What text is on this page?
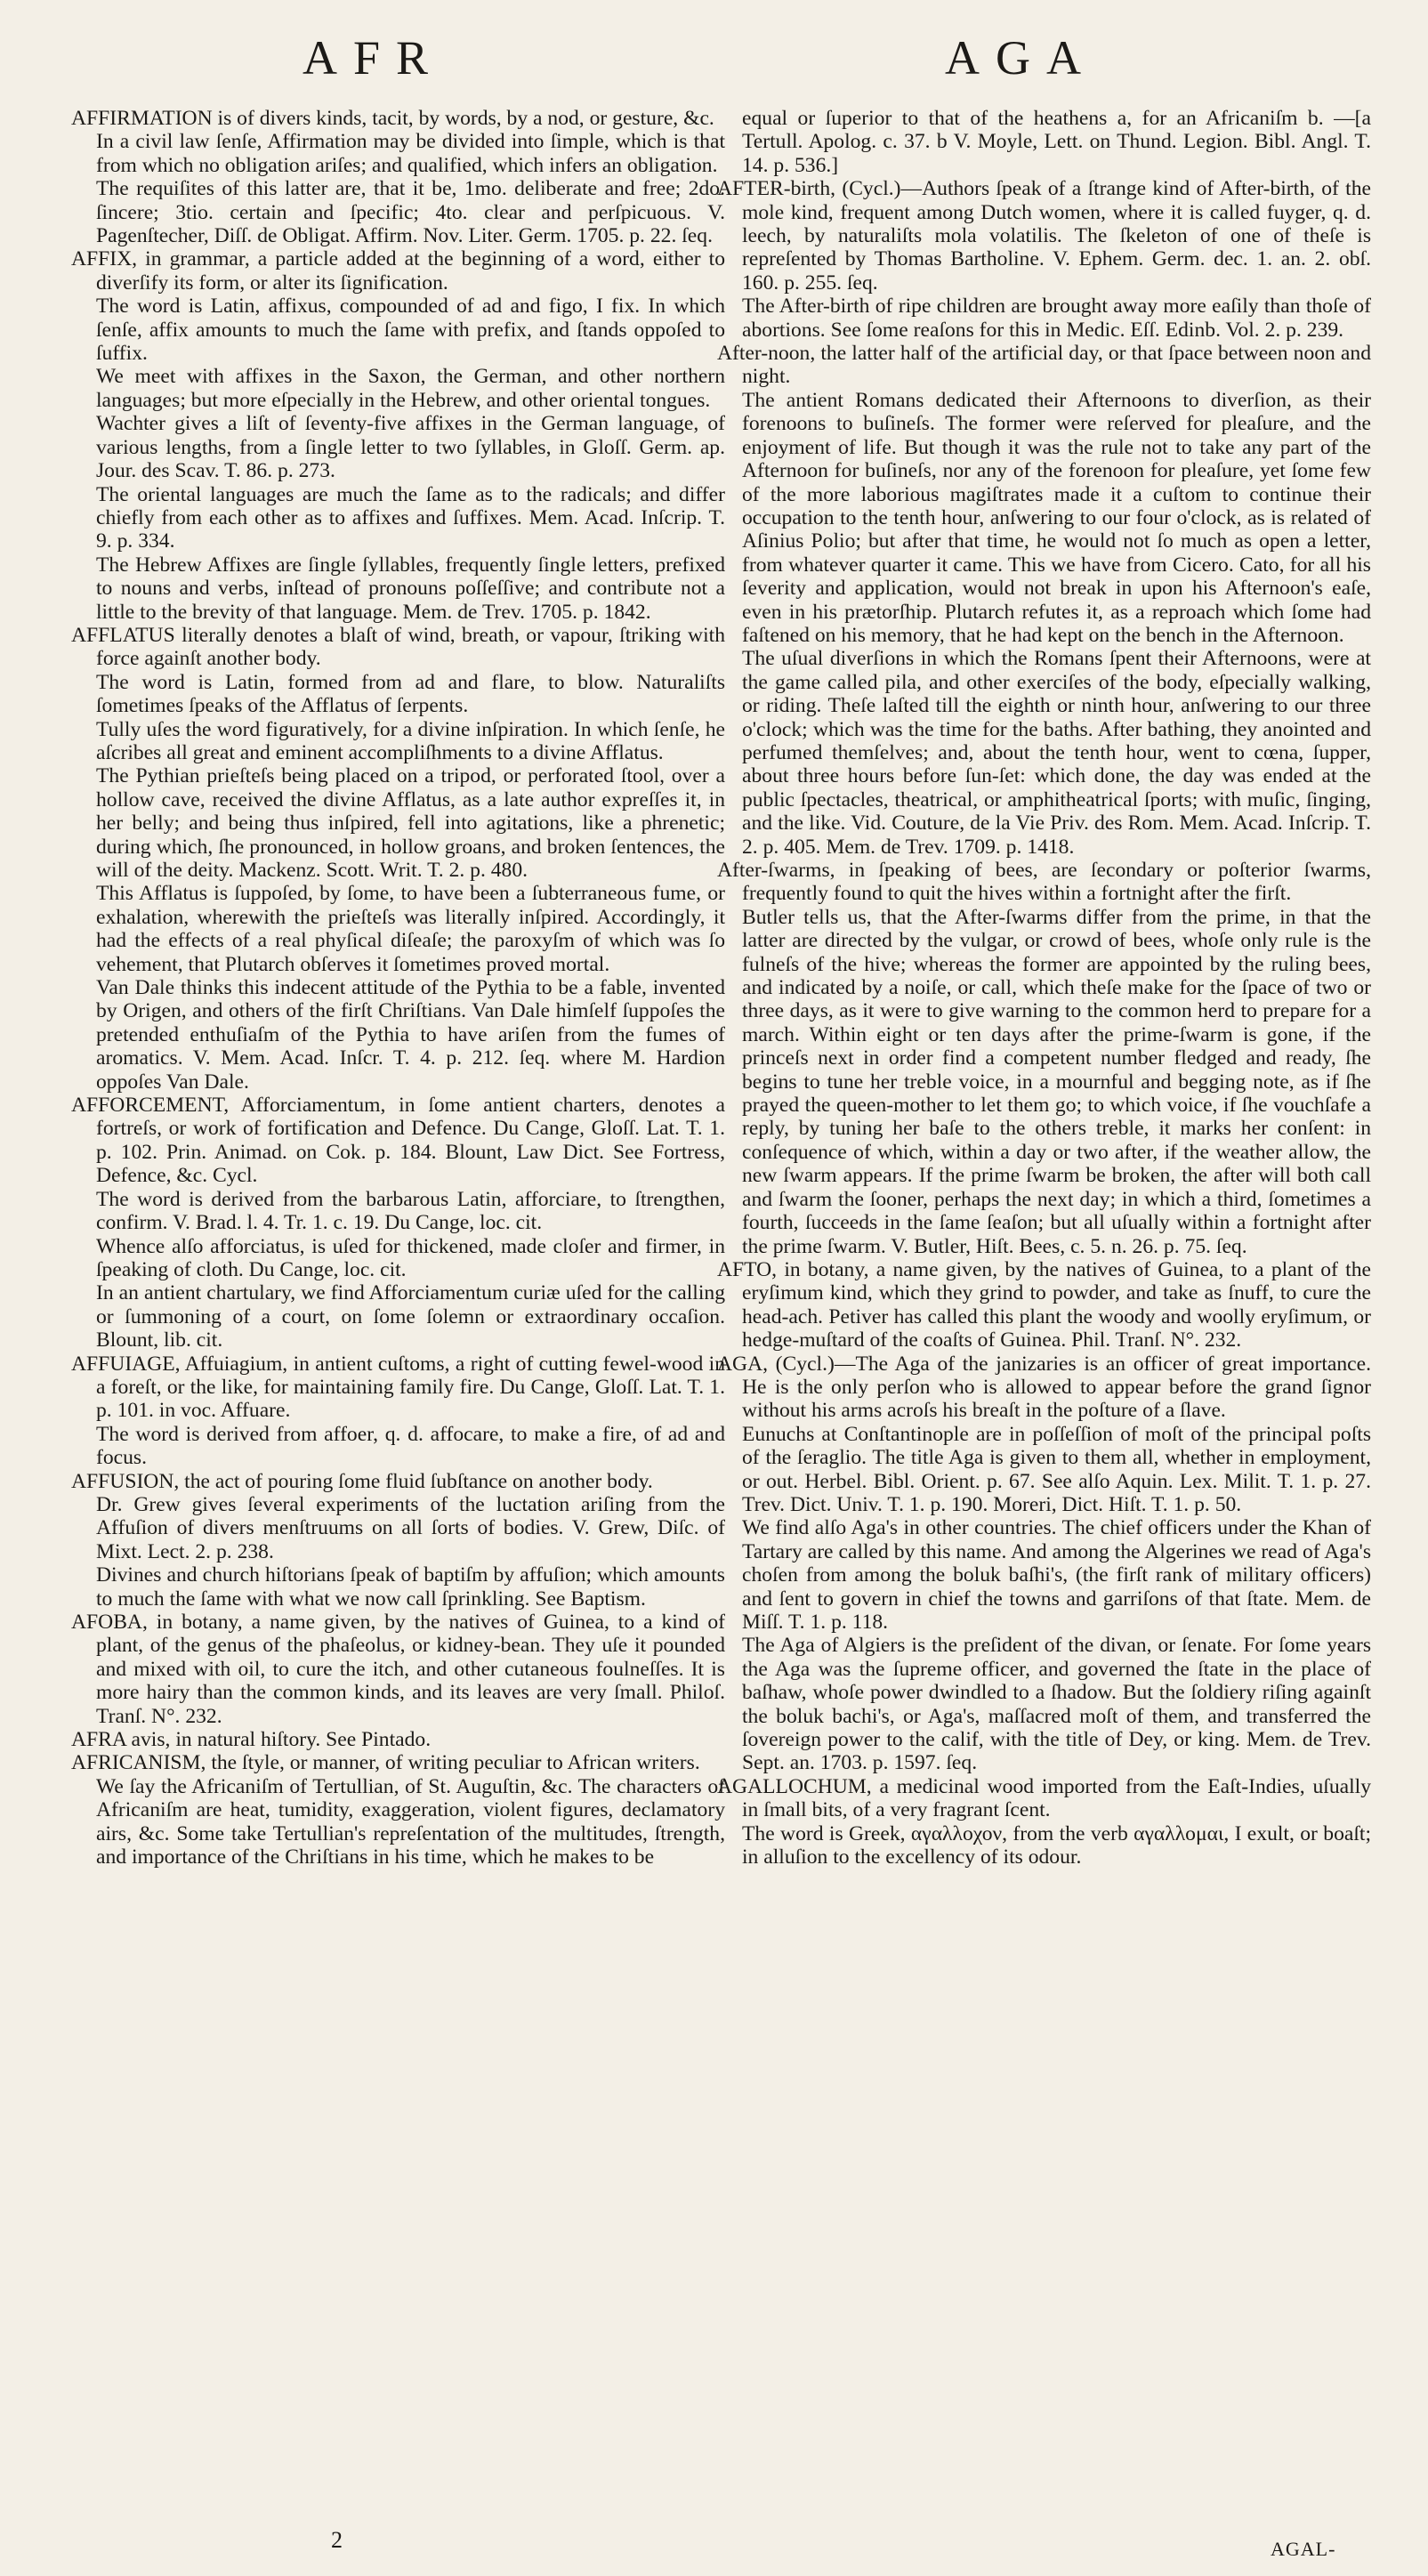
AFR	AGA

AFFIRMATION is of divers kinds, tacit, by words, by a nod, or gesture, &c.

In a civil law ſenſe, Affirmation may be divided into ſimple, which is that from which no obligation ariſes; and qualified, which infers an obligation.

The requiſites of this latter are, that it be, 1mo. deliberate and free; 2do. ſincere; 3tio. certain and ſpecific; 4to. clear and perſpicuous. V. Pagenſtecher, Diſſ. de Obligat. Affirm. Nov. Liter. Germ. 1705. p. 22. ſeq.

AFFIX, in grammar, a particle added at the beginning of a word, either to diverſify its form, or alter its ſignification.

The word is Latin, affixus, compounded of ad and figo, I fix. In which ſenſe, affix amounts to much the ſame with prefix, and ſtands oppoſed to ſuffix.

We meet with affixes in the Saxon, the German, and other northern languages; but more eſpecially in the Hebrew, and other oriental tongues.

Wachter gives a liſt of ſeventy-five affixes in the German language, of various lengths, from a ſingle letter to two ſyllables, in Gloſſ. Germ. ap. Jour. des Scav. T. 86. p. 273.

The oriental languages are much the ſame as to the radicals; and differ chiefly from each other as to affixes and ſuffixes. Mem. Acad. Inſcrip. T. 9. p. 334.

The Hebrew Affixes are ſingle ſyllables, frequently ſingle letters, prefixed to nouns and verbs, inſtead of pronouns poſſeſſive; and contribute not a little to the brevity of that language. Mem. de Trev. 1705. p. 1842.

AFFLATUS literally denotes a blaſt of wind, breath, or vapour, ſtriking with force againſt another body.

The word is Latin, formed from ad and flare, to blow. Naturaliſts ſometimes ſpeaks of the Afflatus of ſerpents.

Tully uſes the word figuratively, for a divine inſpiration. In which ſenſe, he aſcribes all great and eminent accompliſhments to a divine Afflatus.

The Pythian prieſteſs being placed on a tripod, or perforated ſtool, over a hollow cave, received the divine Afflatus, as a late author expreſſes it, in her belly; and being thus inſpired, fell into agitations, like a phrenetic; during which, ſhe pronounced, in hollow groans, and broken ſentences, the will of the deity. Mackenz. Scott. Writ. T. 2. p. 480.

This Afflatus is ſuppoſed, by ſome, to have been a ſubterraneous fume, or exhalation, wherewith the prieſteſs was literally inſpired. Accordingly, it had the effects of a real phyſical diſeaſe; the paroxyſm of which was ſo vehement, that Plutarch obſerves it ſometimes proved mortal.

Van Dale thinks this indecent attitude of the Pythia to be a fable, invented by Origen, and others of the firſt Chriſtians. Van Dale himſelf ſuppoſes the pretended enthuſiaſm of the Pythia to have ariſen from the fumes of aromatics. V. Mem. Acad. Inſcr. T. 4. p. 212. ſeq. where M. Hardion oppoſes Van Dale.

AFFORCEMENT, Afforciamentum, in ſome antient charters, denotes a fortreſs, or work of fortification and Defence. Du Cange, Gloſſ. Lat. T. 1. p. 102. Prin. Animad. on Cok. p. 184. Blount, Law Dict. See Fortress, Defence, &c. Cycl.

The word is derived from the barbarous Latin, afforciare, to ſtrengthen, confirm. V. Brad. l. 4. Tr. 1. c. 19. Du Cange, loc. cit.

Whence alſo afforciatus, is uſed for thickened, made cloſer and firmer, in ſpeaking of cloth. Du Cange, loc. cit.

In an antient chartulary, we find Afforciamentum curiæ uſed for the calling or ſummoning of a court, on ſome ſolemn or extraordinary occaſion. Blount, lib. cit.

AFFUIAGE, Affuiagium, in antient cuſtoms, a right of cutting fewel-wood in a foreſt, or the like, for maintaining family fire. Du Cange, Gloſſ. Lat. T. 1. p. 101. in voc. Affuare.

The word is derived from affoer, q. d. affocare, to make a fire, of ad and focus.

AFFUSION, the act of pouring ſome fluid ſubſtance on another body.

Dr. Grew gives ſeveral experiments of the luctation ariſing from the Affuſion of divers menſtruums on all ſorts of bodies. V. Grew, Diſc. of Mixt. Lect. 2. p. 238.

Divines and church hiſtorians ſpeak of baptiſm by affuſion; which amounts to much the ſame with what we now call ſprinkling. See Baptism.

AFOBA, in botany, a name given, by the natives of Guinea, to a kind of plant, of the genus of the phaſeolus, or kidney-bean. They uſe it pounded and mixed with oil, to cure the itch, and other cutaneous foulneſſes. It is more hairy than the common kinds, and its leaves are very ſmall. Philoſ. Tranſ. N°. 232.

AFRA avis, in natural hiſtory. See Pintado.

AFRICANISM, the ſtyle, or manner, of writing peculiar to African writers.

We ſay the Africaniſm of Tertullian, of St. Auguſtin, &c. The characters of Africaniſm are heat, tumidity, exaggeration, violent figures, declamatory airs, &c. Some take Tertullian's repreſentation of the multitudes, ſtrength, and importance of the Chriſtians in his time, which he makes to be

equal or ſuperior to that of the heathens a, for an Africaniſm b. —[a Tertull. Apolog. c. 37. b V. Moyle, Lett. on Thund. Legion. Bibl. Angl. T. 14. p. 536.]

AFTER-birth, (Cycl.)—Authors ſpeak of a ſtrange kind of After-birth, of the mole kind, frequent among Dutch women, where it is called fuyger, q. d. leech, by naturaliſts mola volatilis. The ſkeleton of one of theſe is repreſented by Thomas Bartholine. V. Ephem. Germ. dec. 1. an. 2. obſ. 160. p. 255. ſeq.

The After-birth of ripe children are brought away more eaſily than thoſe of abortions. See ſome reaſons for this in Medic. Eſſ. Edinb. Vol. 2. p. 239.

After-noon, the latter half of the artificial day, or that ſpace between noon and night.

The antient Romans dedicated their Afternoons to diverſion, as their forenoons to buſineſs. The former were reſerved for pleaſure, and the enjoyment of life. But though it was the rule not to take any part of the Afternoon for buſineſs, nor any of the forenoon for pleaſure, yet ſome few of the more laborious magiſtrates made it a cuſtom to continue their occupation to the tenth hour, anſwering to our four o'clock, as is related of Aſinius Polio; but after that time, he would not ſo much as open a letter, from whatever quarter it came. This we have from Cicero. Cato, for all his ſeverity and application, would not break in upon his Afternoon's eaſe, even in his prætorſhip. Plutarch refutes it, as a reproach which ſome had faſtened on his memory, that he had kept on the bench in the Afternoon.

The uſual diverſions in which the Romans ſpent their Afternoons, were at the game called pila, and other exerciſes of the body, eſpecially walking, or riding. Theſe laſted till the eighth or ninth hour, anſwering to our three o'clock; which was the time for the baths. After bathing, they anointed and perfumed themſelves; and, about the tenth hour, went to cœna, ſupper, about three hours before ſun-ſet: which done, the day was ended at the public ſpectacles, theatrical, or amphitheatrical ſports; with muſic, ſinging, and the like. Vid. Couture, de la Vie Priv. des Rom. Mem. Acad. Inſcrip. T. 2. p. 405. Mem. de Trev. 1709. p. 1418.

After-ſwarms, in ſpeaking of bees, are ſecondary or poſterior ſwarms, frequently found to quit the hives within a fortnight after the firſt.

Butler tells us, that the After-ſwarms differ from the prime, in that the latter are directed by the vulgar, or crowd of bees, whoſe only rule is the fulneſs of the hive; whereas the former are appointed by the ruling bees, and indicated by a noiſe, or call, which theſe make for the ſpace of two or three days, as it were to give warning to the common herd to prepare for a march. Within eight or ten days after the prime-ſwarm is gone, if the princeſs next in order find a competent number fledged and ready, ſhe begins to tune her treble voice, in a mournful and begging note, as if ſhe prayed the queen-mother to let them go; to which voice, if ſhe vouchſafe a reply, by tuning her baſe to the others treble, it marks her conſent: in conſequence of which, within a day or two after, if the weather allow, the new ſwarm appears. If the prime ſwarm be broken, the after will both call and ſwarm the ſooner, perhaps the next day; in which a third, ſometimes a fourth, ſucceeds in the ſame ſeaſon; but all uſually within a fortnight after the prime ſwarm. V. Butler, Hiſt. Bees, c. 5. n. 26. p. 75. ſeq.

AFTO, in botany, a name given, by the natives of Guinea, to a plant of the eryſimum kind, which they grind to powder, and take as ſnuff, to cure the head-ach. Petiver has called this plant the woody and woolly eryſimum, or hedge-muſtard of the coaſts of Guinea. Phil. Tranſ. N°. 232.

AGA, (Cycl.)—The Aga of the janizaries is an officer of great importance. He is the only perſon who is allowed to appear before the grand ſignor without his arms acroſs his breaſt in the poſture of a ſlave.

Eunuchs at Conſtantinople are in poſſeſſion of moſt of the principal poſts of the ſeraglio. The title Aga is given to them all, whether in employment, or out. Herbel. Bibl. Orient. p. 67. See alſo Aquin. Lex. Milit. T. 1. p. 27. Trev. Dict. Univ. T. 1. p. 190. Moreri, Dict. Hiſt. T. 1. p. 50.

We find alſo Aga's in other countries. The chief officers under the Khan of Tartary are called by this name. And among the Algerines we read of Aga's choſen from among the boluk baſhi's, (the firſt rank of military officers) and ſent to govern in chief the towns and garriſons of that ſtate. Mem. de Miſſ. T. 1. p. 118.

The Aga of Algiers is the preſident of the divan, or ſenate. For ſome years the Aga was the ſupreme officer, and governed the ſtate in the place of baſhaw, whoſe power dwindled to a ſhadow. But the ſoldiery riſing againſt the boluk bachi's, or Aga's, maſſacred moſt of them, and transferred the ſovereign power to the calif, with the title of Dey, or king. Mem. de Trev. Sept. an. 1703. p. 1597. ſeq.

AGALLOCHUM, a medicinal wood imported from the Eaſt-Indies, uſually in ſmall bits, of a very fragrant ſcent.

The word is Greek, αγαλλοχον, from the verb αγαλλομαι, I exult, or boaſt; in alluſion to the excellency of its odour.

2	AGAL-
